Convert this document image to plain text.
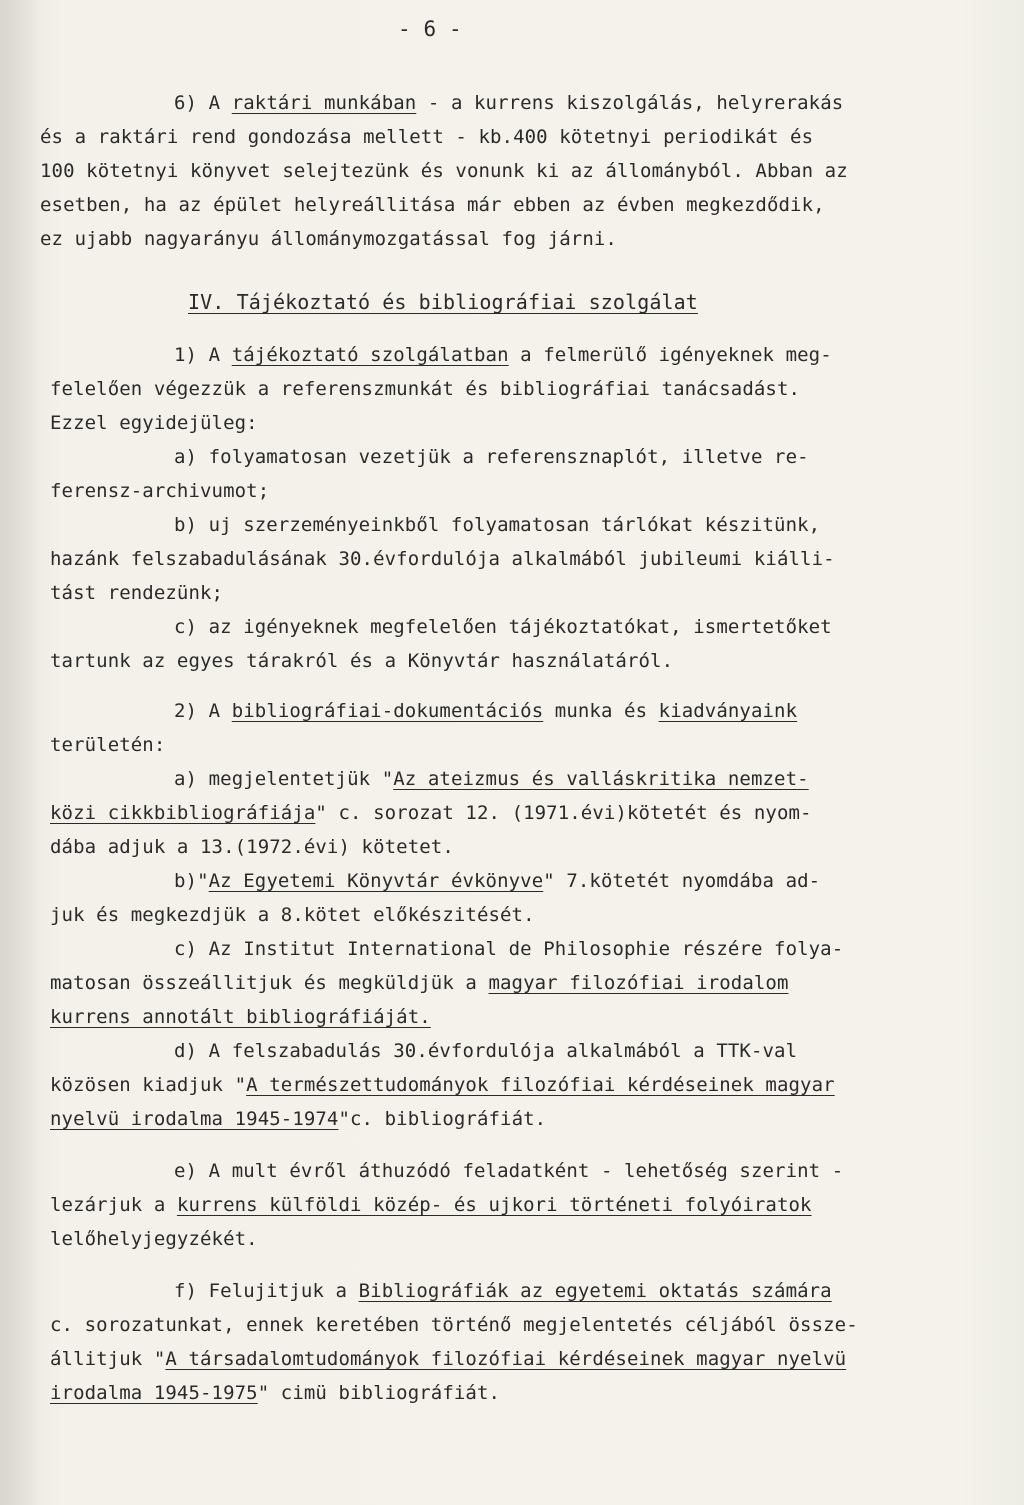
- 6 -

6) A raktári munkában - a kurrens kiszolgálás, helyrerakás

és a raktári rend gondozása mellett - kb.400 kötetnyi periodikát és

100 kötetnyi könyvet selejtezünk és vonunk ki az állományból. Abban az

esetben, ha az épület helyreállitása már ebben az évben megkezdődik,

ez ujabb nagyarányu állománymozgatással fog járni.

IV. Tájékoztató és bibliográfiai szolgálat

1) A tájékoztató szolgálatban a felmerülő igényeknek meg-

felelően végezzük a referenszmunkát és bibliográfiai tanácsadást.

Ezzel egyidejüleg:

a) folyamatosan vezetjük a referensznaplót, illetve re-

ferensz-archivumot;

b) uj szerzeményeinkből folyamatosan tárlókat készitünk,

hazánk felszabadulásának 30.évfordulója alkalmából jubileumi kiálli-

tást rendezünk;

c) az igényeknek megfelelően tájékoztatókat, ismertetőket

tartunk az egyes tárakról és a Könyvtár használatáról.

2) A bibliográfiai-dokumentációs munka és kiadványaink

területén:

a) megjelentetjük "Az ateizmus és valláskritika nemzet-

közi cikkbibliográfiája" c. sorozat 12. (1971.évi)kötetét és nyom-

dába adjuk a 13.(1972.évi) kötetet.

b)"Az Egyetemi Könyvtár évkönyve" 7.kötetét nyomdába ad-

juk és megkezdjük a 8.kötet előkészitését.

c) Az Institut International de Philosophie részére folya-

matosan összeállitjuk és megküldjük a magyar filozófiai irodalom

kurrens annotált bibliográfiáját.

d) A felszabadulás 30.évfordulója alkalmából a TTK-val

közösen kiadjuk "A természettudományok filozófiai kérdéseinek magyar

nyelvü irodalma 1945-1974"c. bibliográfiát.

e) A mult évről áthuzódó feladatként - lehetőség szerint -

lezárjuk a kurrens külföldi közép- és ujkori történeti folyóiratok

lelőhelyjegyzékét.

f) Felujitjuk a Bibliográfiák az egyetemi oktatás számára

c. sorozatunkat, ennek keretében történő megjelentetés céljából össze-

állitjuk "A társadalomtudományok filozófiai kérdéseinek magyar nyelvü

irodalma 1945-1975" cimü bibliográfiát.
